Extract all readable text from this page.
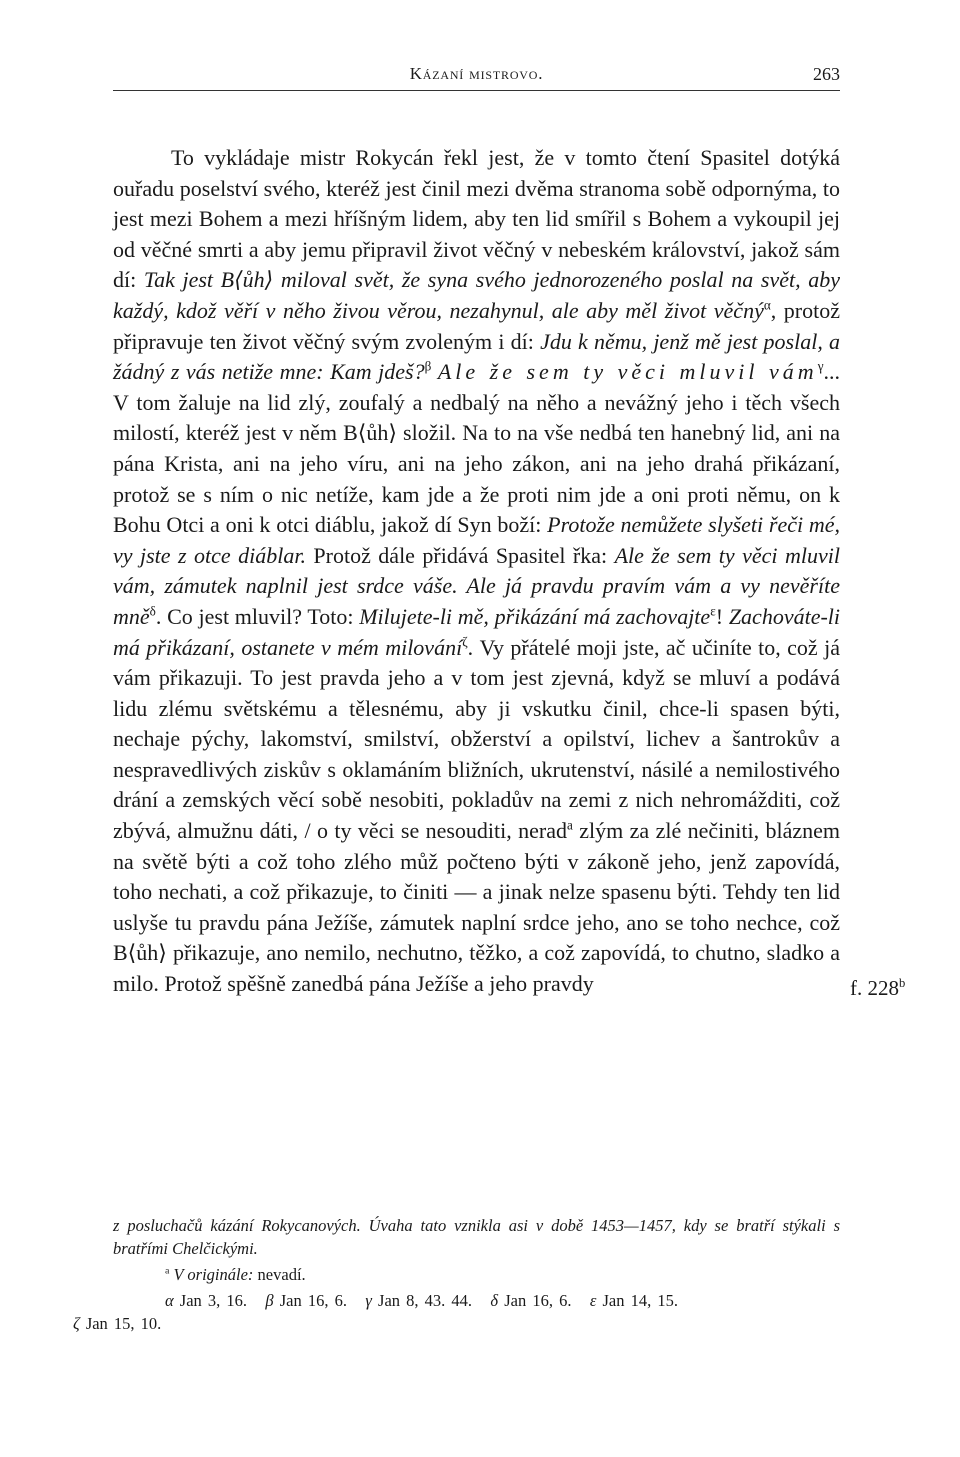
Kázaní mistrovo.	263

To vykládaje mistr Rokycán řekl jest, že v tomto čtení Spasitel dotýká ouřadu poselství svého, kteréž jest činil mezi dvěma stranoma sobě odpornýma, to jest mezi Bohem a mezi hříšným lidem, aby ten lid smířil s Bohem a vykoupil jej od věčné smrti a aby jemu připravil život věčný v nebeském království, jakož sám dí: Tak jest B⟨ůh⟩ miloval svět, že syna svého jednorozeného poslal na svět, aby každý, kdož věří v něho živou věrou, nezahynul, ale aby měl život věčný$^\alpha$, protož připravuje ten život věčný svým zvoleným i dí: Jdu k němu, jenž mě jest poslal, a žádný z vás netiže mne: Kam jdeš?$^\beta$ Ale že sem ty věci mluvil vám$^\gamma$... V tom žaluje na lid zlý, zoufalý a nedbalý na něho a nevážný jeho i těch všech milostí, kteréž jest v něm B⟨ůh⟩ složil. Na to na vše nedbá ten hanebný lid, ani na pána Krista, ani na jeho víru, ani na jeho zákon, ani na jeho drahá přikázaní, protož se s ním o nic netíže, kam jde a že proti nim jde a oni proti němu, on k Bohu Otci a oni k otci diáblu, jakož dí Syn boží: Protože nemůžete slyšeti řeči mé, vy jste z otce diáblar. Protož dále přidává Spasitel řka: Ale že sem ty věci mluvil vám, zámutek naplnil jest srdce váše. Ale já pravdu pravím vám a vy nevěříte mně$^\delta$. Co jest mluvil? Toto: Milujete-li mě, přikázání má zachovajte$^\varepsilon$! Zachováte-li má přikázaní, ostanete v mém milování$^\zeta$. Vy přátelé moji jste, ač učiníte to, což já vám přikazuji. To jest pravda jeho a v tom jest zjevná, když se mluví a podává lidu zlému světskému a tělesnému, aby ji vskutku činil, chce-li spasen býti, nechaje pýchy, lakomství, smilství, obžerství a opilství, lichev a šantrokův a nespravedlivých ziskův s oklamáním bližních, ukrutenství, násilé a nemilostivého drání a zemských věcí sobě nesobiti, pokladův na zemi z nich nehromážditi, což zbývá, almužnu dáti, / o ty věci se nesouditi, nerad$^a$ zlým za zlé nečiniti, bláznem na světě býti a což toho zlého můž počteno býti v zákoně jeho, jenž zapovídá, toho nechati, a což přikazuje, to činiti — a jinak nelze spasenu býti. Tehdy ten lid uslyše tu pravdu pána Ježíše, zámutek naplní srdce jeho, ano se toho nechce, což B⟨ůh⟩ přikazuje, ano nemilo, nechutno, těžko, a což zapovídá, to chutno, sladko a milo. Protož spěšně zanedbá pána Ježíše a jeho pravdy	f. 228$^b$

z posluchačů kázání Rokycanových. Úvaha tato vznikla asi v době 1453—1457, kdy se bratří stýkali s bratřími Chelčickými.

$^a$ V originále: nevadí.

α Jan 3, 16. β Jan 16, 6. γ Jan 8, 43. 44. δ Jan 16, 6. ε Jan 14, 15.
ζ Jan 15, 10.
